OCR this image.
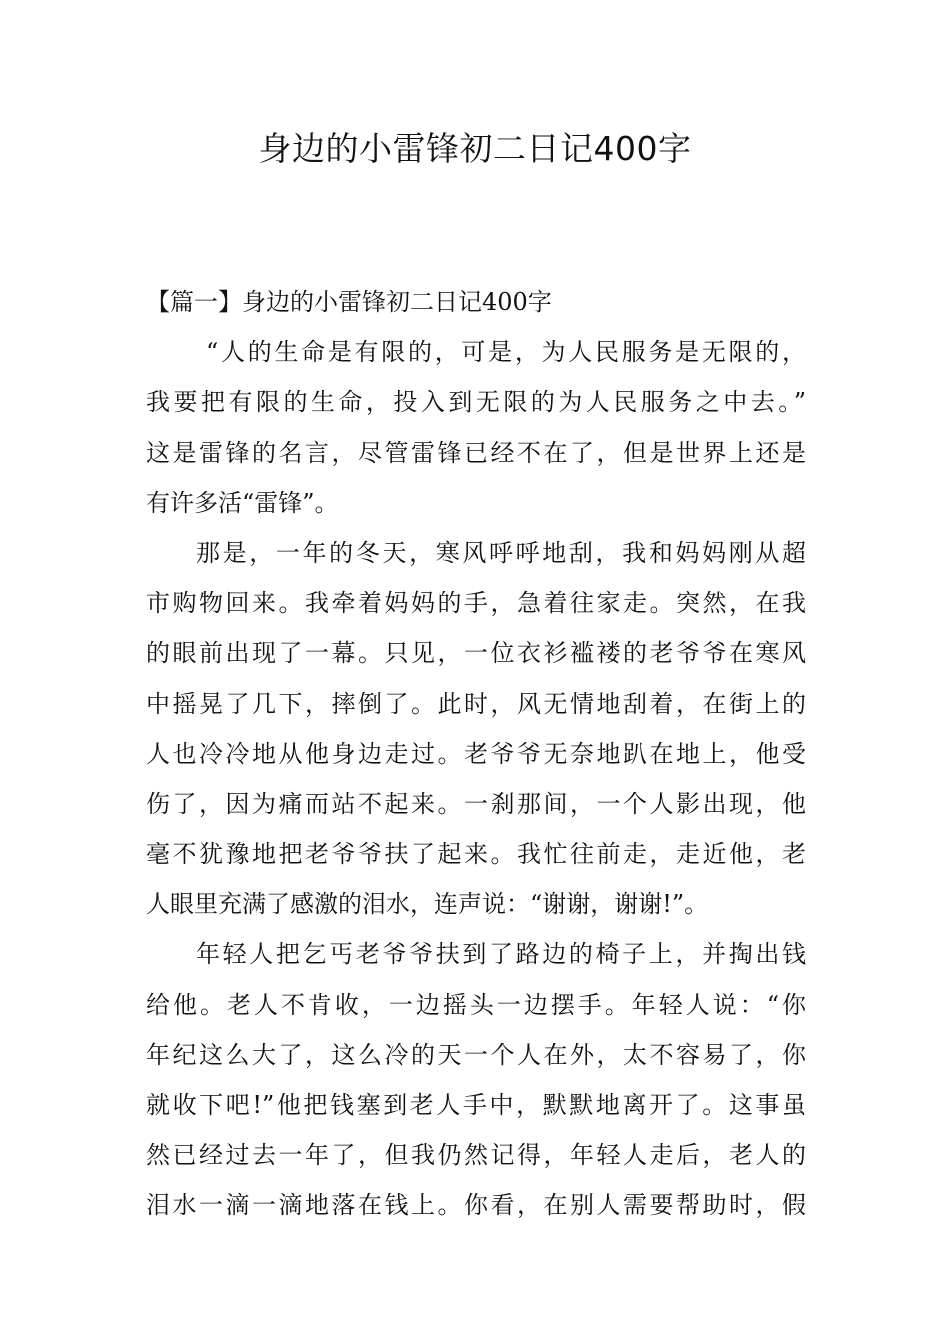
身边的小雷锋初二日记400字
【篇一】身边的小雷锋初二日记400字
“人的生命是有限的，可是，为人民服务是无限的，
我要把有限的生命，投入到无限的为人民服务之中去。”
这是雷锋的名言，尽管雷锋已经不在了，但是世界上还是
有许多活“雷锋”。
那是，一年的冬天，寒风呼呼地刮，我和妈妈刚从超
市购物回来。我牵着妈妈的手，急着往家走。突然，在我
的眼前出现了一幕。只见，一位衣衫褴褛的老爷爷在寒风
中摇晃了几下，摔倒了。此时，风无情地刮着，在街上的
人也冷冷地从他身边走过。老爷爷无奈地趴在地上，他受
伤了，因为痛而站不起来。一刹那间，一个人影出现，他
毫不犹豫地把老爷爷扶了起来。我忙往前走，走近他，老
人眼里充满了感激的泪水，连声说：“谢谢，谢谢!”。
年轻人把乞丐老爷爷扶到了路边的椅子上，并掏出钱
给他。老人不肯收，一边摇头一边摆手。年轻人说：“你
年纪这么大了，这么冷的天一个人在外，太不容易了，你
就收下吧!”他把钱塞到老人手中，默默地离开了。这事虽
然已经过去一年了，但我仍然记得，年轻人走后，老人的
泪水一滴一滴地落在钱上。你看，在别人需要帮助时，假
